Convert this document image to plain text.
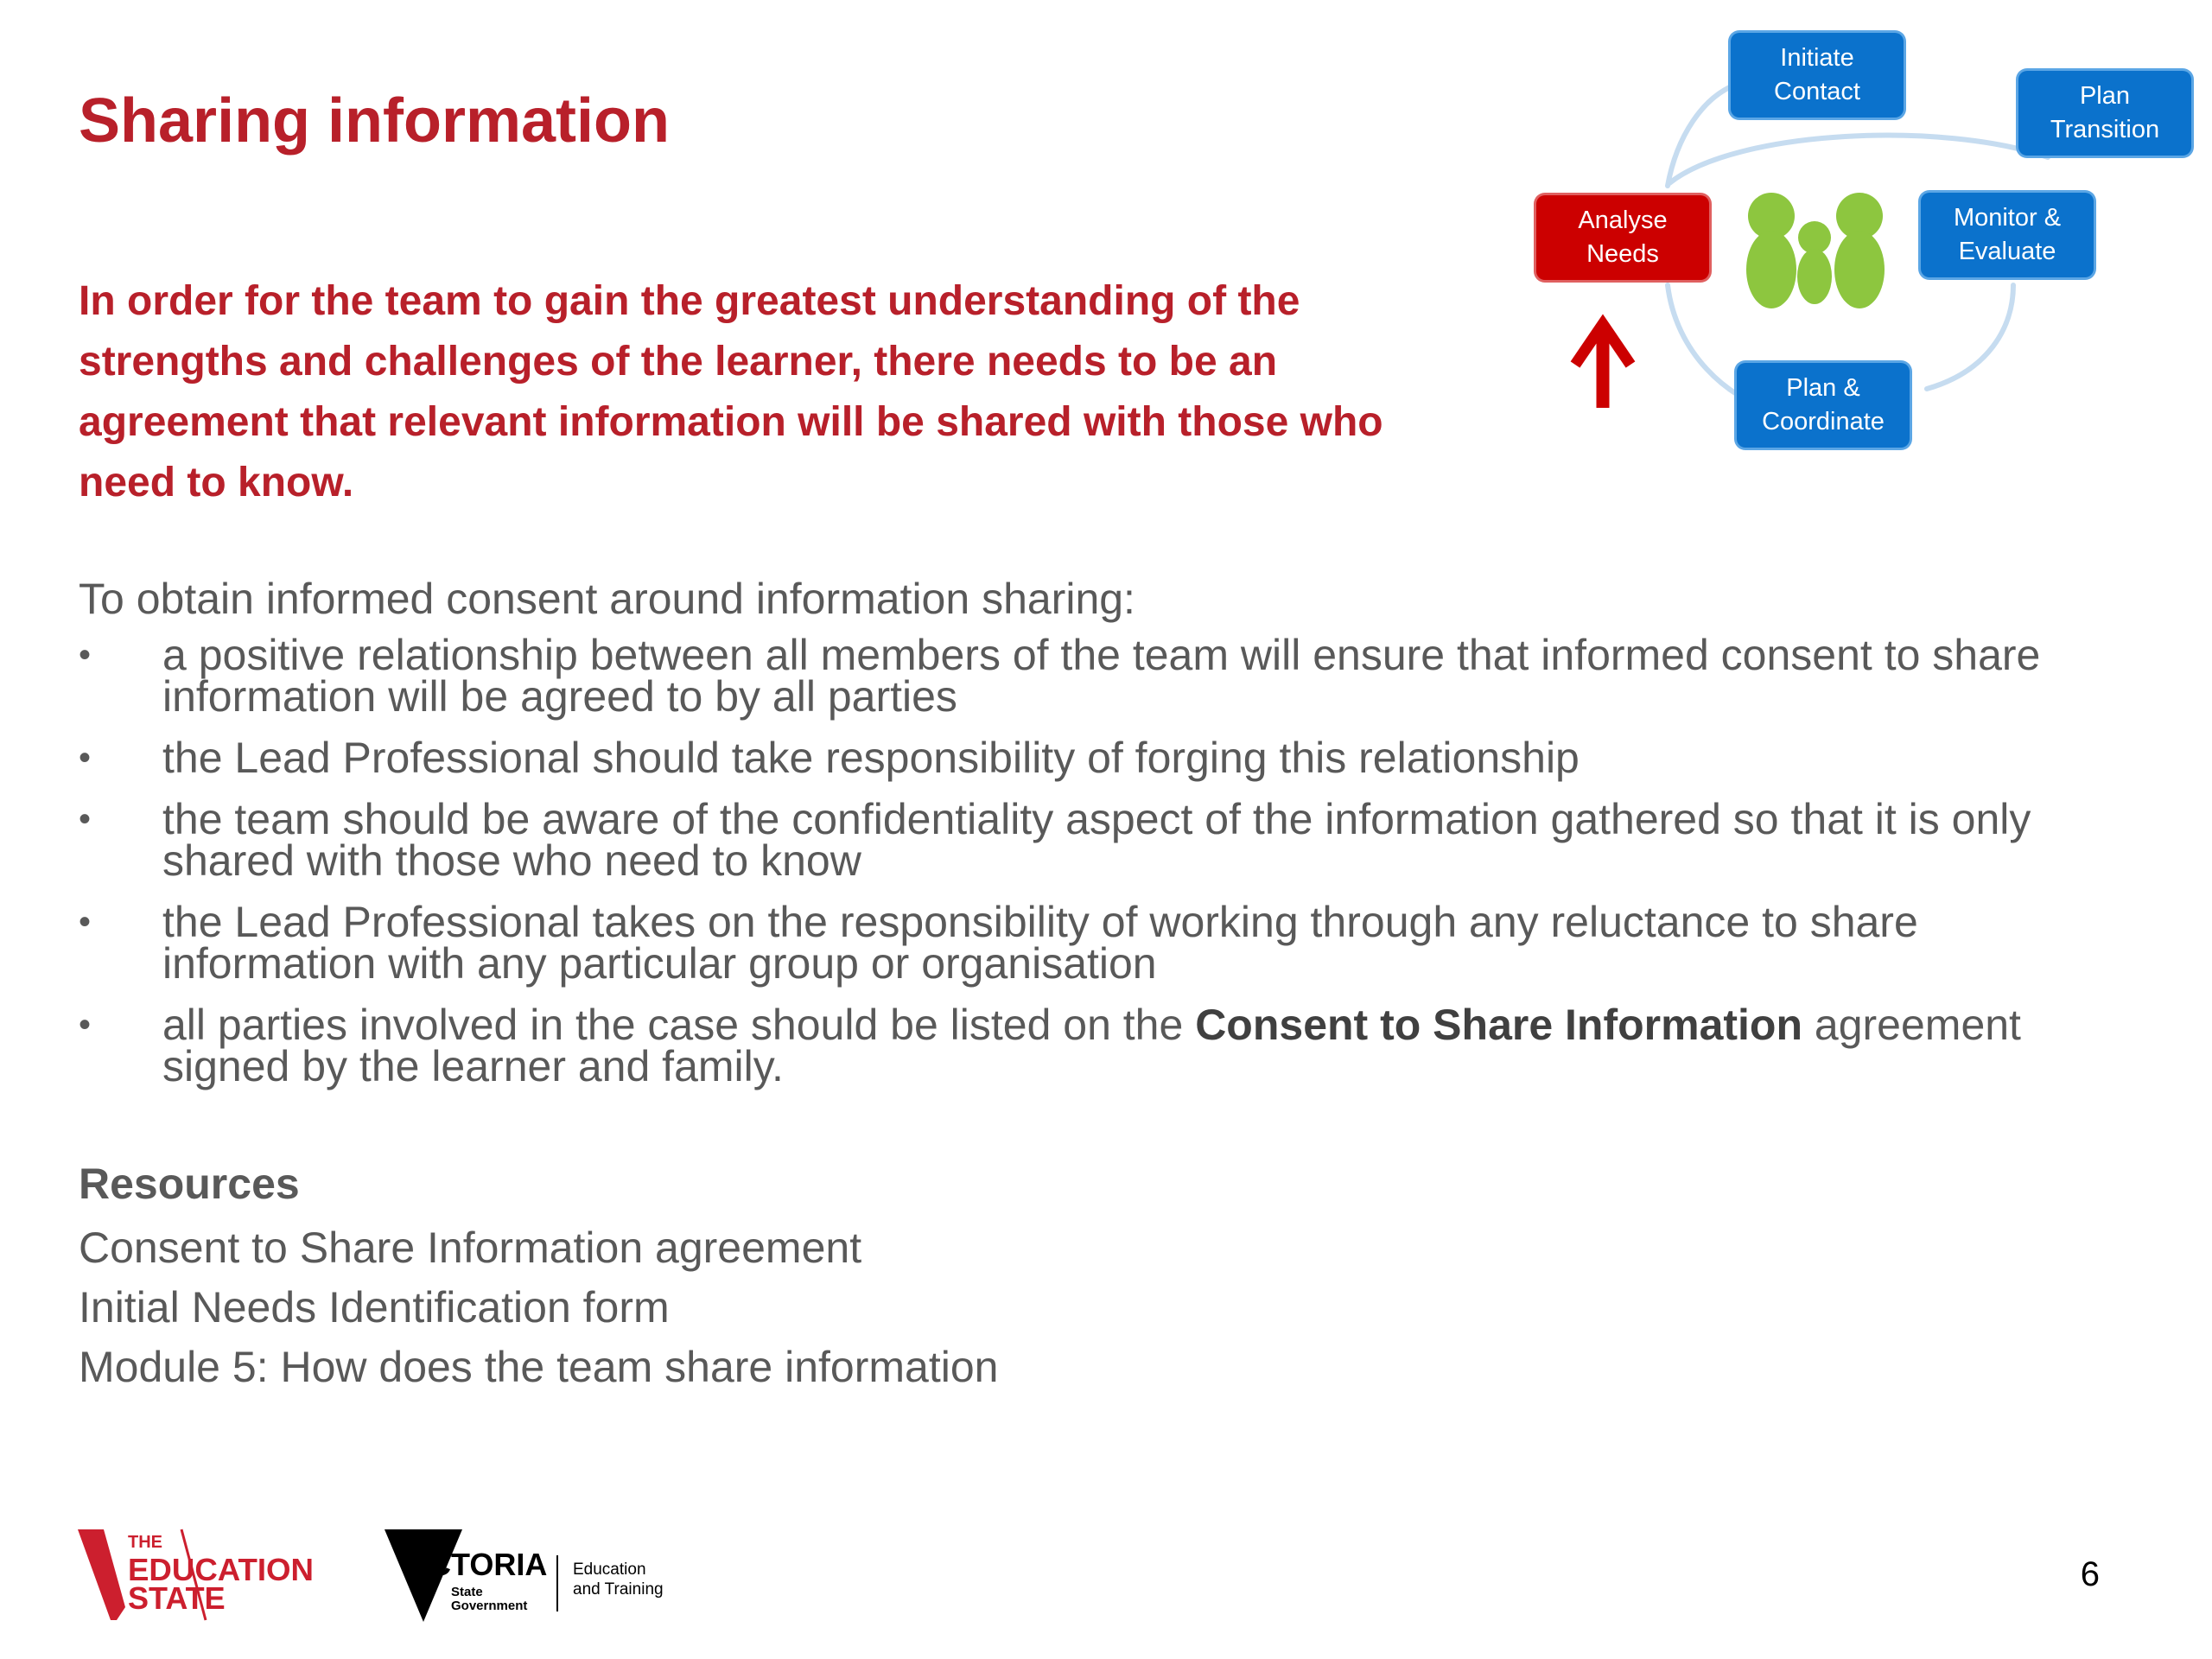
Sharing information

In order for the team to gain the greatest understanding of the strengths and challenges of the learner, there needs to be an agreement that relevant information will be shared with those who need to know.

To obtain informed consent around information sharing:

•	a positive relationship between all members of the team will ensure that informed consent to share information will be agreed to by all parties
•	the Lead Professional should take responsibility of forging this relationship
•	the team should be aware of the confidentiality aspect of the information gathered so that it is only shared with those who need to know
•	the Lead Professional takes on the responsibility of working through any reluctance to share information with any particular group or organisation
•	all parties involved in the case should be listed on the Consent to Share Information agreement signed by the learner and family.
Resources
Consent to Share Information agreement
Initial Needs Identification form
Module 5: How does the team share information
Initiate
Contact	Plan
Transition
Analyse
Needs
Monitor &
Evaluate
Plan &
Coordinate
THE
EDUCATION
STATE
VICTORIA
State
Government
Education
and Training	6
